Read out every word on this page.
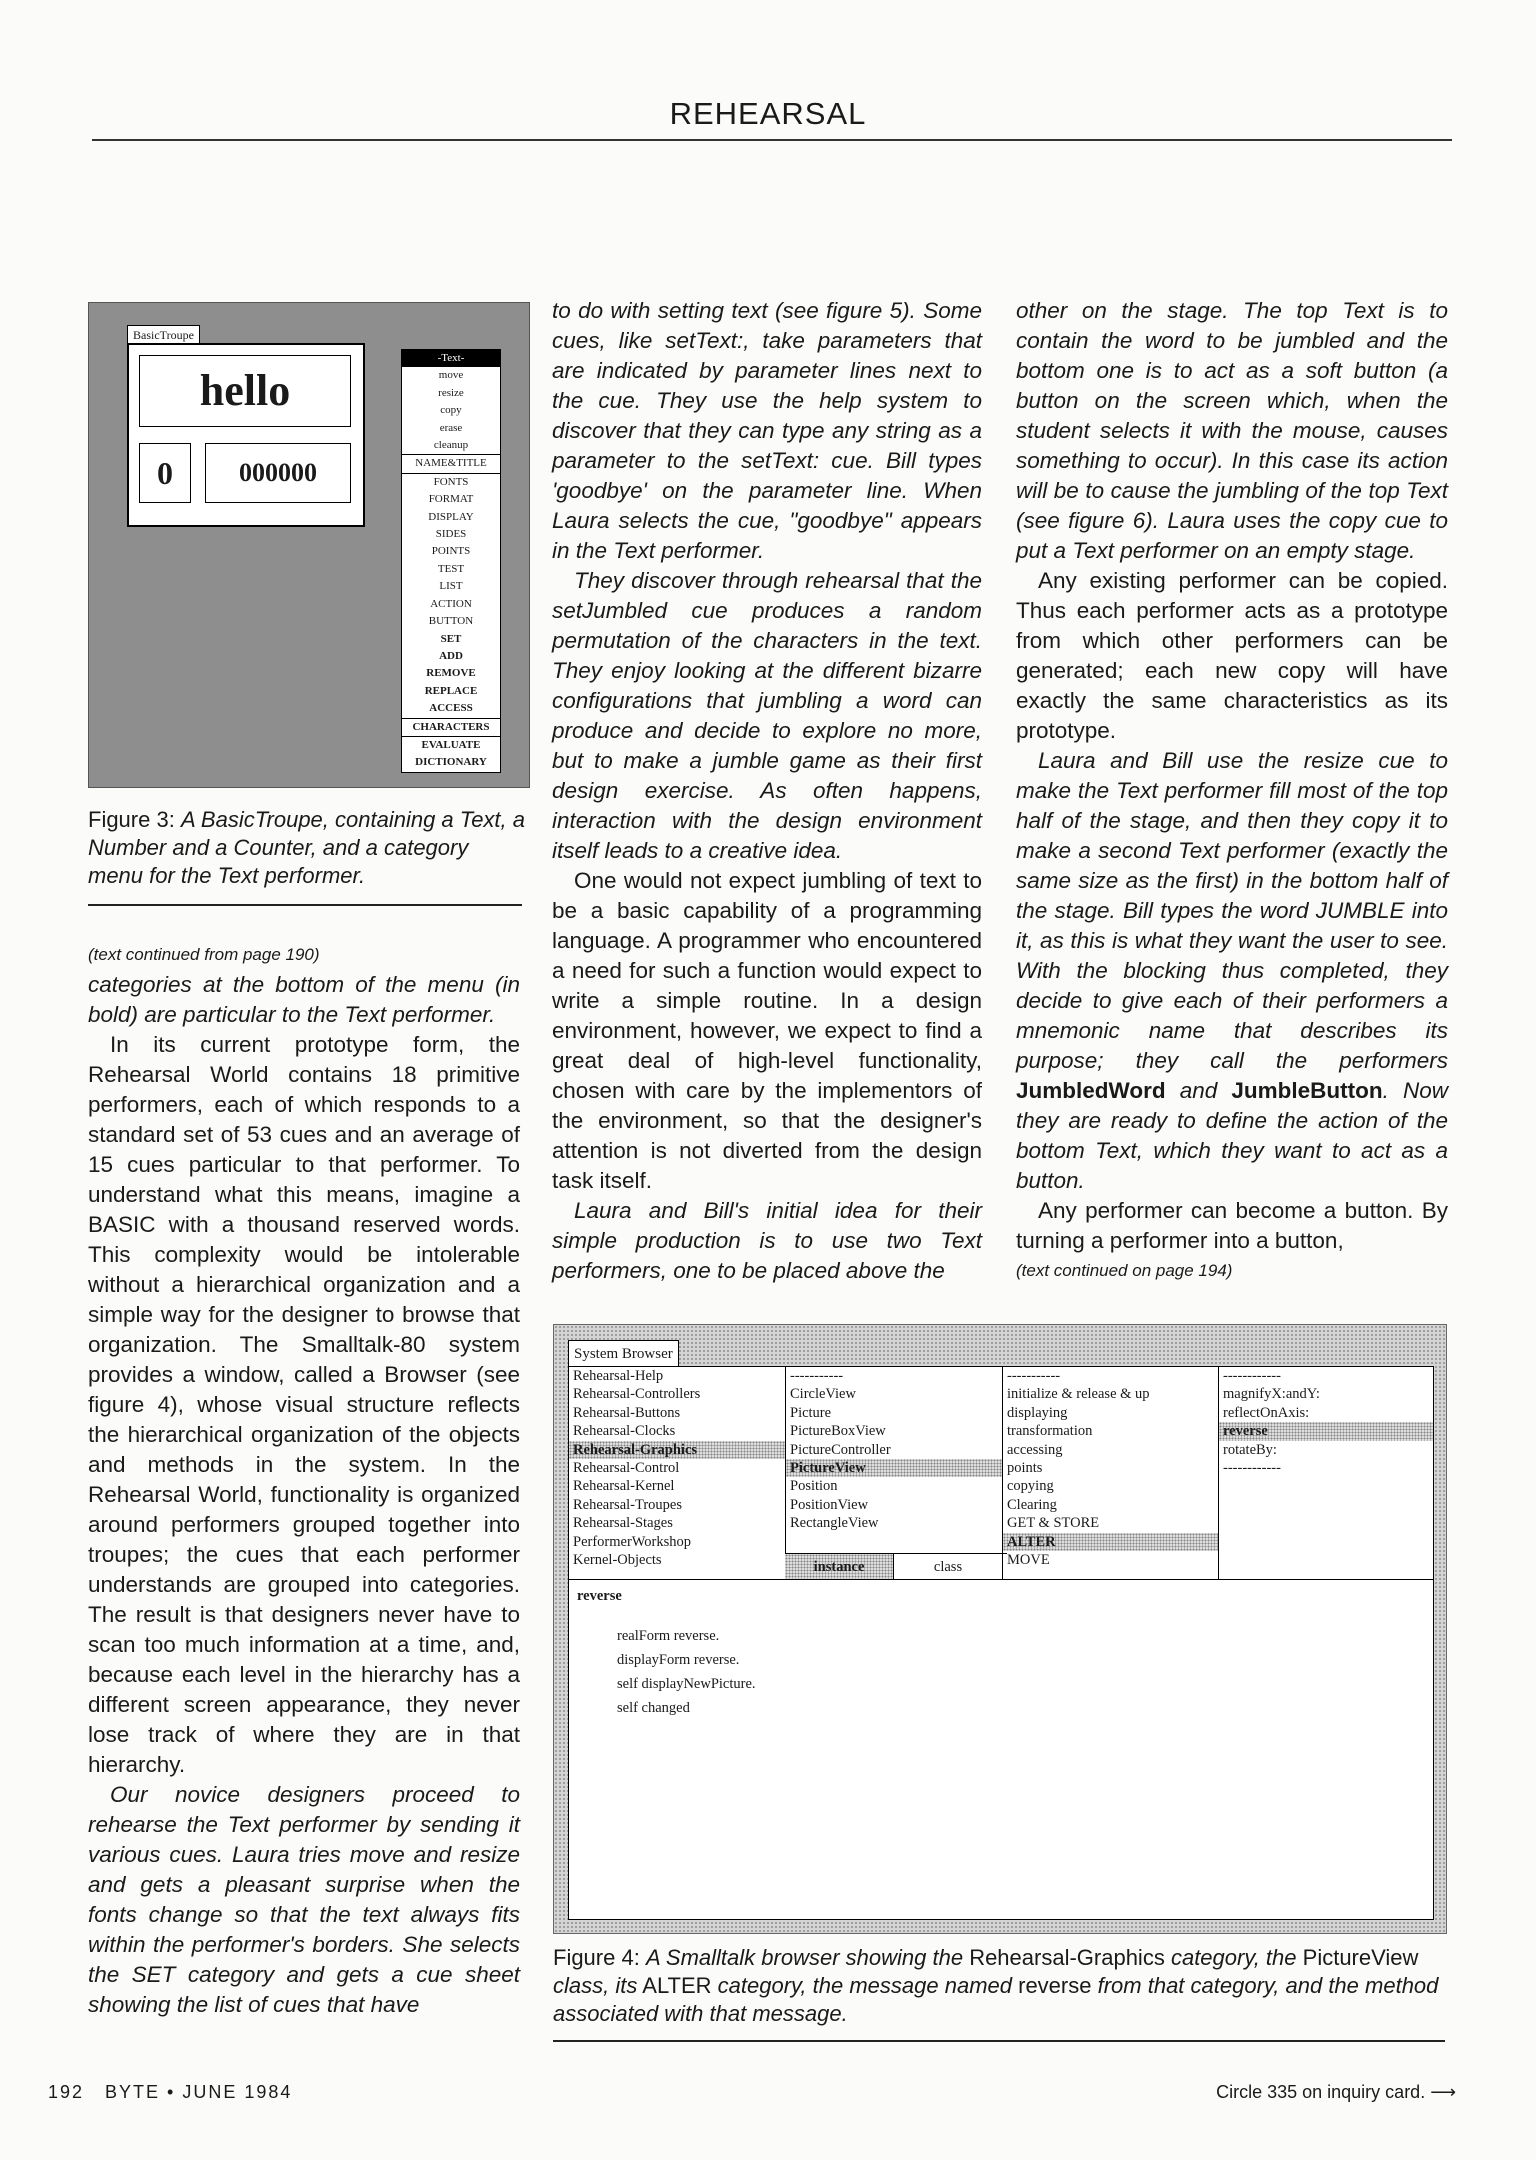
REHEARSAL
BasicTroupe
hello
0	000000
-Text-
move
resize
copy
erase
cleanup
NAME&TITLE
FONTS
FORMAT
DISPLAY
SIDES
POINTS
TEST
LIST
ACTION
BUTTON
SET
ADD
REMOVE
REPLACE
ACCESS
CHARACTERS
EVALUATE
DICTIONARY
Figure 3: A BasicTroupe, containing a Text, a Number and a Counter, and a category menu for the Text performer.

(text continued from page 190)

categories at the bottom of the menu (in bold) are particular to the Text performer.

In its current prototype form, the Rehearsal World contains 18 primitive performers, each of which responds to a standard set of 53 cues and an average of 15 cues particular to that performer. To understand what this means, imagine a BASIC with a thousand reserved words. This complexity would be intolerable without a hierarchical organization and a simple way for the designer to browse that organization. The Smalltalk-80 system provides a window, called a Browser (see figure 4), whose visual structure reflects the hierarchical organization of the objects and methods in the system. In the Rehearsal World, functionality is organized around performers grouped together into troupes; the cues that each performer understands are grouped into categories. The result is that designers never have to scan too much information at a time, and, because each level in the hierarchy has a different screen appearance, they never lose track of where they are in that hierarchy.

Our novice designers proceed to rehearse the Text performer by sending it various cues. Laura tries move and resize and gets a pleasant surprise when the fonts change so that the text always fits within the performer's borders. She selects the SET category and gets a cue sheet showing the list of cues that have

to do with setting text (see figure 5). Some cues, like setText:, take parameters that are indicated by parameter lines next to the cue. They use the help system to discover that they can type any string as a parameter to the setText: cue. Bill types 'goodbye' on the parameter line. When Laura selects the cue, "goodbye" appears in the Text performer.

They discover through rehearsal that the setJumbled cue produces a random permutation of the characters in the text. They enjoy looking at the different bizarre configurations that jumbling a word can produce and decide to explore no more, but to make a jumble game as their first design exercise. As often happens, interaction with the design environment itself leads to a creative idea.

One would not expect jumbling of text to be a basic capability of a programming language. A programmer who encountered a need for such a function would expect to write a simple routine. In a design environment, however, we expect to find a great deal of high-level functionality, chosen with care by the implementors of the environment, so that the designer's attention is not diverted from the design task itself.

Laura and Bill's initial idea for their simple production is to use two Text performers, one to be placed above the

other on the stage. The top Text is to contain the word to be jumbled and the bottom one is to act as a soft button (a button on the screen which, when the student selects it with the mouse, causes something to occur). In this case its action will be to cause the jumbling of the top Text (see figure 6). Laura uses the copy cue to put a Text performer on an empty stage.

Any existing performer can be copied. Thus each performer acts as a prototype from which other performers can be generated; each new copy will have exactly the same characteristics as its prototype.

Laura and Bill use the resize cue to make the Text performer fill most of the top half of the stage, and then they copy it to make a second Text performer (exactly the same size as the first) in the bottom half of the stage. Bill types the word JUMBLE into it, as this is what they want the user to see. With the blocking thus completed, they decide to give each of their performers a mnemonic name that describes its purpose; they call the performers JumbledWord and JumbleButton. Now they are ready to define the action of the bottom Text, which they want to act as a button.

Any performer can become a button. By turning a performer into a button,

(text continued on page 194)

System Browser
Rehearsal-Help
Rehearsal-Controllers
Rehearsal-Buttons
Rehearsal-Clocks
Rehearsal-Graphics
Rehearsal-Control
Rehearsal-Kernel
Rehearsal-Troupes
Rehearsal-Stages
PerformerWorkshop
Kernel-Objects
-----------
CircleView
Picture
PictureBoxView
PictureController
PictureView
Position
PositionView
RectangleView
instance	class
-----------
initialize & release & up
displaying
transformation
accessing
points
copying
Clearing
GET & STORE
ALTER
MOVE
------------
magnifyX:andY:
reflectOnAxis:
reverse
rotateBy:
------------
reverse
realForm reverse.
displayForm reverse.
self displayNewPicture.
self changed
Figure 4: A Smalltalk browser showing the Rehearsal-Graphics category, the PictureView class, its ALTER category, the message named reverse from that category, and the method associated with that message.
192   BYTE • JUNE 1984	Circle 335 on inquiry card. ⟶
